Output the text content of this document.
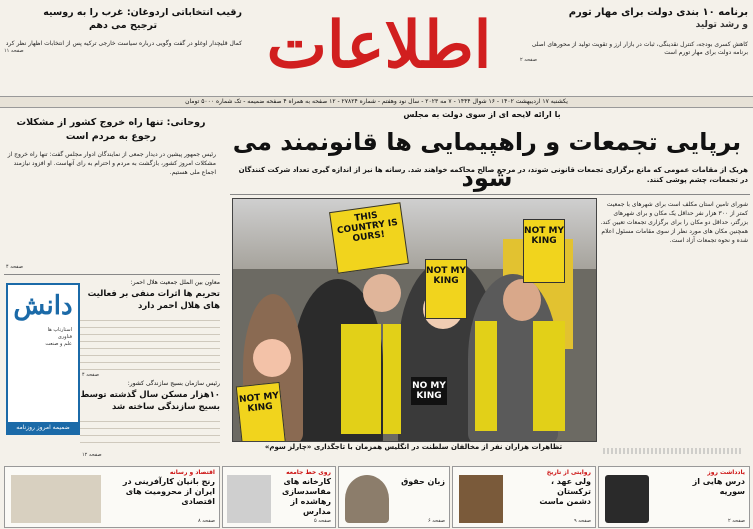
برنامه ۱۰ بندی دولت برای مهار تورم
و رشد تولید
کاهش کسری بودجه، کنترل نقدینگی، ثبات در بازار ارز و تقویت تولید از محورهای اصلی برنامه دولت برای مهار تورم است
صفحه ۲
اطلاعات
رقیب انتخاباتی اردوغان: غرب را به روسیه
ترجیح می دهم
کمال قلیچدار اوغلو در گفت وگویی درباره سیاست خارجی ترکیه پس از انتخابات اظهار نظر کرد
صفحه ۱۱
یکشنبه ۱۷ اردیبهشت ۱۴۰۲ - ۱۶ شوال ۱۴۴۴ - ۷ مه ۲۰۲۳ - سال نود وهفتم - شماره ۲۷۸۲۴ - ۱۲ صفحه به همراه ۴ صفحه ضمیمه - تک شماره ۵۰۰۰ تومان
با ارائه لایحه ای از سوی دولت به مجلس
برپایی تجمعات و راهپیمایی ها قانونمند می شود
هریک از مقامات عمومی که مانع برگزاری تجمعات قانونی شوند، در مرجع صالح محاکمه خواهند شد. رسانه ها نیز از اندازه گیری تعداد شرکت کنندگان در تجمعات، چشم پوشی کنند.
THIS COUNTRY IS OURS!
NOT MY KING
NOT MY KING
NOT MY KING
NO MY KING
تظاهرات هزاران نفر از مخالفان سلطنت در انگلیس همزمان با تاجگذاری «چارلز سوم»
شورای تامین استان مکلف است برای شهرهای با جمعیت کمتر از ۳۰۰ هزار نفر حداقل یک مکان و برای شهرهای بزرگتر، حداقل دو مکان را برای برگزاری تجمعات تعیین کند. همچنین مکان های مورد نظر از سوی مقامات مسئول اعلام شده و نحوه تجمعات آزاد است.
روحانی: تنها راه خروج کشور از مشکلات رجوع به مردم است
رئیس جمهور پیشین در دیدار جمعی از نمایندگان ادوار مجلس گفت: تنها راه خروج از مشکلات امروز کشور، بازگشت به مردم و احترام به رای آنهاست. او افزود نیازمند اجماع ملی هستیم.
صفحه ۴
معاون بین الملل جمعیت هلال احمر:
تحریم ها اثرات منفی بر فعالیت های هلال احمر دارد
صفحه ۴
رئیس سازمان بسیج سازندگی کشور:
۱۰هزار مسکن سال گذشته توسط بسیج سازندگی ساخته شد
صفحه ۱۲
دانش
استارتاپ ها
فناوری
علم و صنعت
ضمیمه امروز روزنامه
یادداشت روز
درس هایی از سوریه
صفحه ۲
روایتی از تاریخ
ولی عهد ، ترکستان دشمن ماست
صفحه ۹
زبان حقوق
صفحه ۶
روی خط جامعه
کارخانه های مفاسدسازی رهاشده از مدارس
صفحه ۵
اقتصاد و رسانه
رنج بانیان کارآفرینی در ایران از محرومیت های اقتصادی
صفحه ۸
